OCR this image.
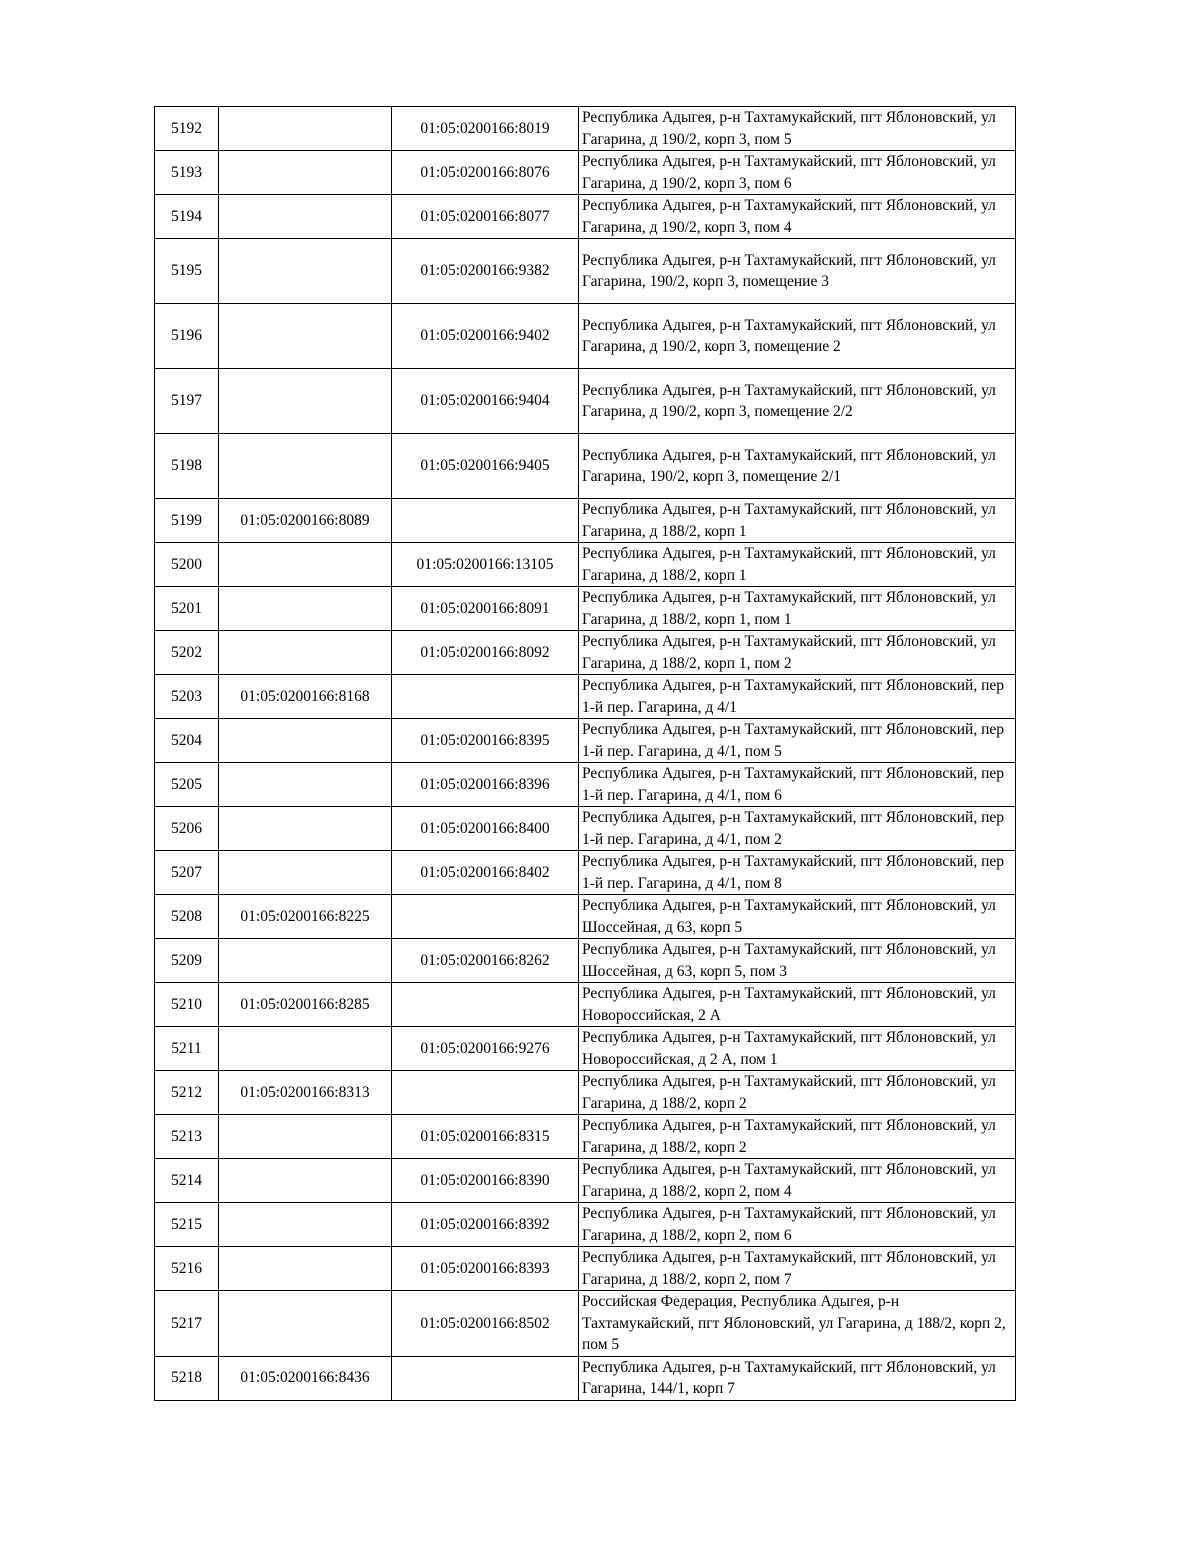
5192		01:05:0200166:8019	Республика Адыгея, р-н Тахтамукайский, пгт Яблоновский, ул Гагарина, д 190/2, корп 3, пом 5
5193		01:05:0200166:8076	Республика Адыгея, р-н Тахтамукайский, пгт Яблоновский, ул Гагарина, д 190/2, корп 3, пом 6
5194		01:05:0200166:8077	Республика Адыгея, р-н Тахтамукайский, пгт Яблоновский, ул Гагарина, д 190/2, корп 3, пом 4
5195		01:05:0200166:9382	Республика Адыгея, р-н Тахтамукайский, пгт Яблоновский, ул Гагарина, 190/2, корп 3, помещение 3
5196		01:05:0200166:9402	Республика Адыгея, р-н Тахтамукайский, пгт Яблоновский, ул Гагарина, д 190/2, корп 3, помещение 2
5197		01:05:0200166:9404	Республика Адыгея, р-н Тахтамукайский, пгт Яблоновский, ул Гагарина, д 190/2, корп 3, помещение 2/2
5198		01:05:0200166:9405	Республика Адыгея, р-н Тахтамукайский, пгт Яблоновский, ул Гагарина, 190/2, корп 3, помещение 2/1
5199	01:05:0200166:8089		Республика Адыгея, р-н Тахтамукайский, пгт Яблоновский, ул Гагарина, д 188/2, корп 1
5200		01:05:0200166:13105	Республика Адыгея, р-н Тахтамукайский, пгт Яблоновский, ул Гагарина, д 188/2, корп 1
5201		01:05:0200166:8091	Республика Адыгея, р-н Тахтамукайский, пгт Яблоновский, ул Гагарина, д 188/2, корп 1, пом 1
5202		01:05:0200166:8092	Республика Адыгея, р-н Тахтамукайский, пгт Яблоновский, ул Гагарина, д 188/2, корп 1, пом 2
5203	01:05:0200166:8168		Республика Адыгея, р-н Тахтамукайский, пгт Яблоновский, пер 1-й пер. Гагарина, д 4/1
5204		01:05:0200166:8395	Республика Адыгея, р-н Тахтамукайский, пгт Яблоновский, пер 1-й пер. Гагарина, д 4/1, пом 5
5205		01:05:0200166:8396	Республика Адыгея, р-н Тахтамукайский, пгт Яблоновский, пер 1-й пер. Гагарина, д 4/1, пом 6
5206		01:05:0200166:8400	Республика Адыгея, р-н Тахтамукайский, пгт Яблоновский, пер 1-й пер. Гагарина, д 4/1, пом 2
5207		01:05:0200166:8402	Республика Адыгея, р-н Тахтамукайский, пгт Яблоновский, пер 1-й пер. Гагарина, д 4/1, пом 8
5208	01:05:0200166:8225		Республика Адыгея, р-н Тахтамукайский, пгт Яблоновский, ул Шоссейная, д 63, корп 5
5209		01:05:0200166:8262	Республика Адыгея, р-н Тахтамукайский, пгт Яблоновский, ул Шоссейная, д 63, корп 5, пом 3
5210	01:05:0200166:8285		Республика Адыгея, р-н Тахтамукайский, пгт Яблоновский, ул Новороссийская, 2 А
5211		01:05:0200166:9276	Республика Адыгея, р-н Тахтамукайский, пгт Яблоновский, ул Новороссийская, д 2 А, пом 1
5212	01:05:0200166:8313		Республика Адыгея, р-н Тахтамукайский, пгт Яблоновский, ул Гагарина, д 188/2, корп 2
5213		01:05:0200166:8315	Республика Адыгея, р-н Тахтамукайский, пгт Яблоновский, ул Гагарина, д 188/2, корп 2
5214		01:05:0200166:8390	Республика Адыгея, р-н Тахтамукайский, пгт Яблоновский, ул Гагарина, д 188/2, корп 2, пом 4
5215		01:05:0200166:8392	Республика Адыгея, р-н Тахтамукайский, пгт Яблоновский, ул Гагарина, д 188/2, корп 2, пом 6
5216		01:05:0200166:8393	Республика Адыгея, р-н Тахтамукайский, пгт Яблоновский, ул Гагарина, д 188/2, корп 2, пом 7
5217		01:05:0200166:8502	Российская Федерация, Республика Адыгея, р-н Тахтамукайский, пгт Яблоновский, ул Гагарина, д 188/2, корп 2, пом 5
5218	01:05:0200166:8436		Республика Адыгея, р-н Тахтамукайский, пгт Яблоновский, ул Гагарина, 144/1, корп 7
